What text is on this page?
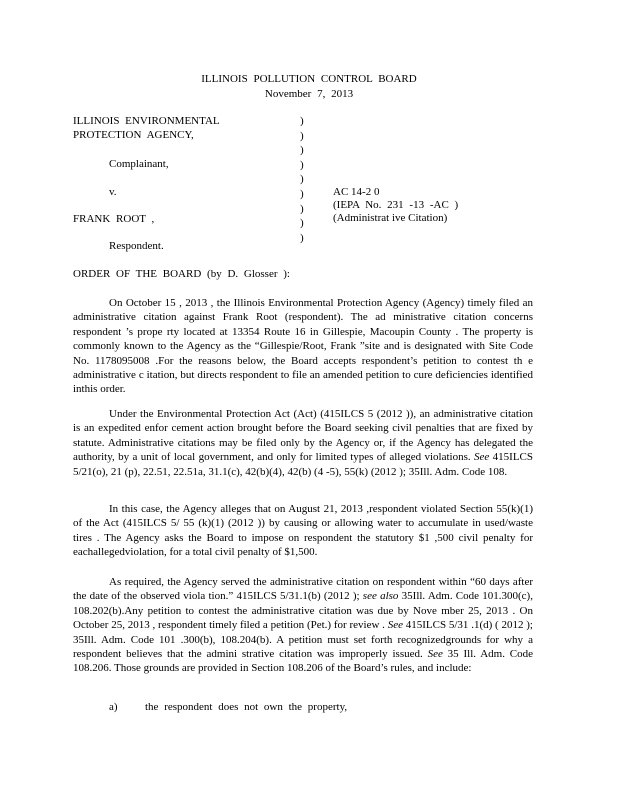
ILLINOIS POLLUTION CONTROL BOARD
November 7, 2013
ILLINOIS ENVIRONMENTAL
PROTECTION AGENCY,
Complainant,
v.
FRANK ROOT ,
Respondent.
)
)
)
)
)
)
)
)
)
AC 14-2 0
(IEPA No. 231 -13 -AC )
(Administrat ive Citation)
ORDER OF THE BOARD (by D. Glosser ):

On October 15 , 2013 , the Illinois Environmental Protection Agency (Agency) timely filed an administrative citation against Frank Root (respondent). The ad ministrative citation concerns respondent ’s prope rty located at 13354 Route 16 in Gillespie, Macoupin County . The property is commonly known to the Agency as the “Gillespie/Root, Frank ”site and is designated with Site Code No. 1178095008 .For the reasons below, the Board accepts respondent’s petition to contest th e administrative c itation, but directs respondent to file an amended petition to cure deficiencies identified inthis order.

Under the Environmental Protection Act (Act) (415ILCS 5 (2012 )), an administrative citation is an expedited enfor cement action brought before the Board seeking civil penalties that are fixed by statute. Administrative citations may be filed only by the Agency or, if the Agency has delegated the authority, by a unit of local government, and only for limited types of alleged violations. See 415ILCS 5/21(o), 21 (p), 22.51, 22.51a, 31.1(c), 42(b)(4), 42(b) (4 -5), 55(k) (2012 ); 35Ill. Adm. Code 108.

In this case, the Agency alleges that on August 21, 2013 ,respondent violated Section 55(k)(1) of the Act (415ILCS 5/ 55 (k)(1) (2012 )) by causing or allowing water to accumulate in used/waste tires . The Agency asks the Board to impose on respondent the statutory $1 ,500 civil penalty for eachallegedviolation, for a total civil penalty of $1,500.

As required, the Agency served the administrative citation on respondent within “60 days after the date of the observed viola tion.” 415ILCS 5/31.1(b) (2012 ); see also 35Ill. Adm. Code 101.300(c), 108.202(b).Any petition to contest the administrative citation was due by Nove mber 25, 2013 . On October 25, 2013 , respondent timely filed a petition (Pet.) for review . See 415ILCS 5/31 .1(d) ( 2012 ); 35Ill. Adm. Code 101 .300(b), 108.204(b). A petition must set forth recognizedgrounds for why a respondent believes that the admini strative citation was improperly issued. See 35 Ill. Adm. Code 108.206. Those grounds are provided in Section 108.206 of the Board’s rules, and include:

a) the respondent does not own the property,
